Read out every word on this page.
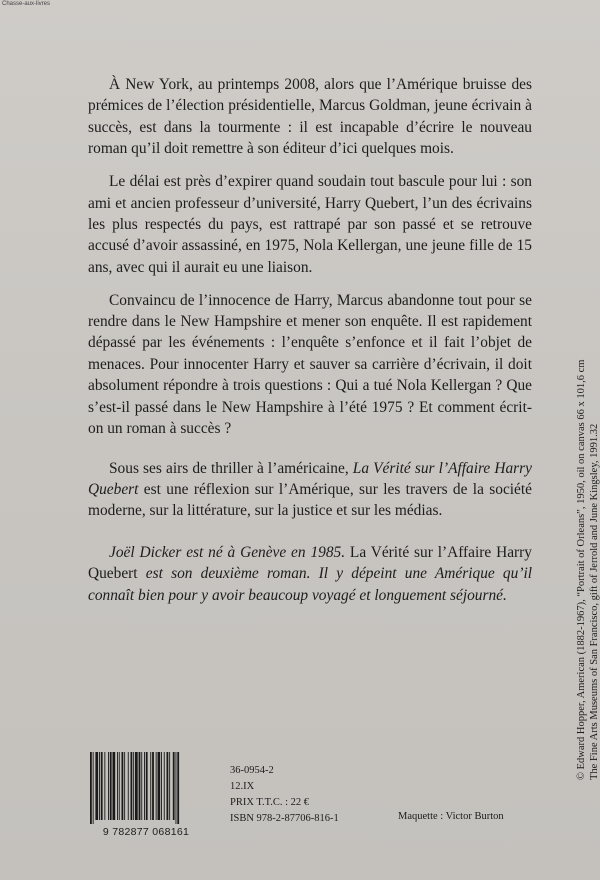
Chasse-aux-livres

À New York, au printemps 2008, alors que l’Amérique bruisse des prémices de l’élection présidentielle, Marcus Goldman, jeune écrivain à succès, est dans la tourmente : il est incapable d’écrire le nouveau roman qu’il doit remettre à son éditeur d’ici quelques mois.

Le délai est près d’expirer quand soudain tout bascule pour lui : son ami et ancien professeur d’université, Harry Quebert, l’un des écrivains les plus respectés du pays, est rattrapé par son passé et se retrouve accusé d’avoir assassiné, en 1975, Nola Kellergan, une jeune fille de 15 ans, avec qui il aurait eu une liaison.

Convaincu de l’innocence de Harry, Marcus abandonne tout pour se rendre dans le New Hampshire et mener son enquête. Il est rapidement dépassé par les événements : l’enquête s’enfonce et il fait l’objet de menaces. Pour innocenter Harry et sauver sa carrière d’écrivain, il doit absolument répondre à trois questions : Qui a tué Nola Kellergan ? Que s’est-il passé dans le New Hampshire à l’été 1975 ? Et comment écrit-on un roman à succès ?

Sous ses airs de thriller à l’américaine, La Vérité sur l’Affaire Harry Quebert est une réflexion sur l’Amérique, sur les travers de la société moderne, sur la littérature, sur la justice et sur les médias.

Joël Dicker est né à Genève en 1985. La Vérité sur l’Affaire Harry Quebert est son deuxième roman. Il y dépeint une Amérique qu’il connaît bien pour y avoir beaucoup voyagé et longuement séjourné.	© Edward Hopper, American (1882-1967), “Portrait of Orleans”, 1950, oil on canvas 66 x 101,6 cm The Fine Arts Museums of San Francisco, gift of Jerrold and June Kingsley, 1991.32
9 782877 068161
36-0954-2
12.IX
PRIX T.T.C. : 22 €
ISBN 978-2-87706-816-1	Maquette : Victor Burton
